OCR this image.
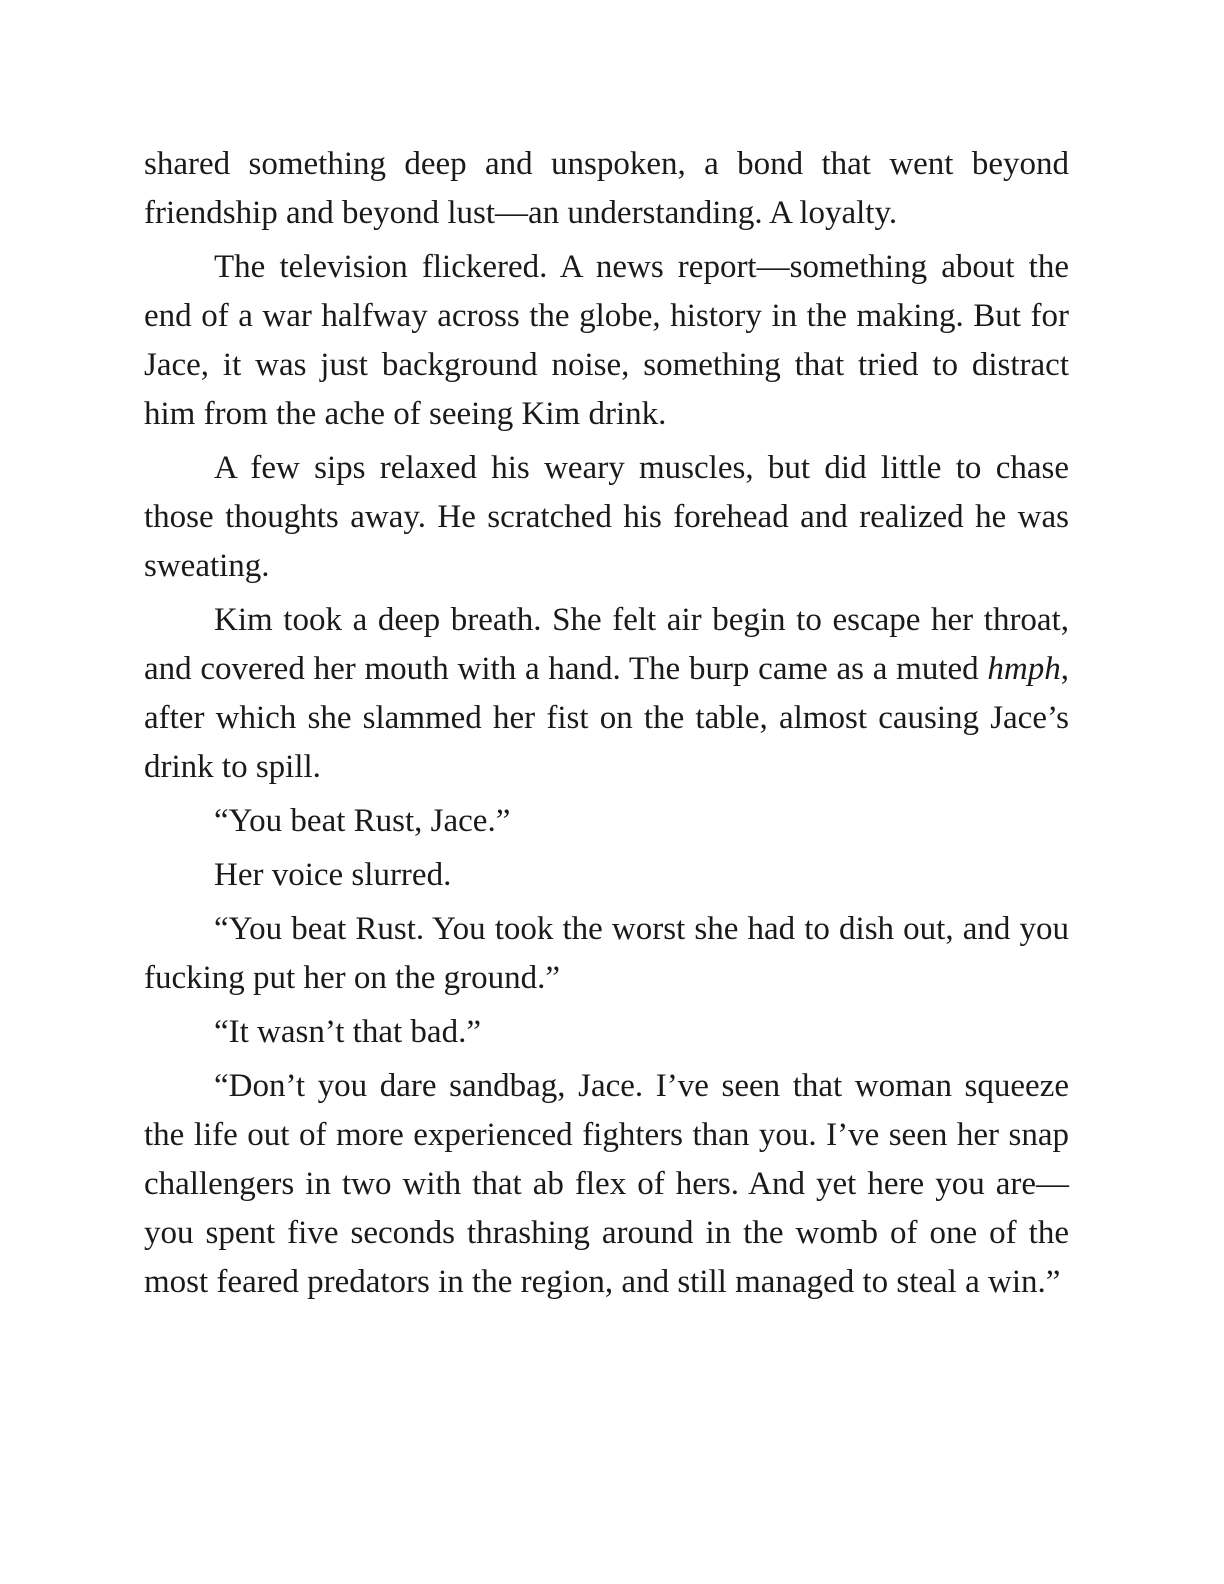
shared something deep and unspoken, a bond that went beyond friendship and beyond lust—an understanding. A loyalty.

The television flickered. A news report—something about the end of a war halfway across the globe, history in the making. But for Jace, it was just background noise, something that tried to distract him from the ache of seeing Kim drink.

A few sips relaxed his weary muscles, but did little to chase those thoughts away. He scratched his forehead and realized he was sweating.

Kim took a deep breath. She felt air begin to escape her throat, and covered her mouth with a hand. The burp came as a muted hmph, after which she slammed her fist on the table, almost causing Jace’s drink to spill.

“You beat Rust, Jace.”

Her voice slurred.

“You beat Rust. You took the worst she had to dish out, and you fucking put her on the ground.”

“It wasn’t that bad.”

“Don’t you dare sandbag, Jace. I’ve seen that woman squeeze the life out of more experienced fighters than you. I’ve seen her snap challengers in two with that ab flex of hers. And yet here you are—you spent five seconds thrashing around in the womb of one of the most feared predators in the region, and still managed to steal a win.”
